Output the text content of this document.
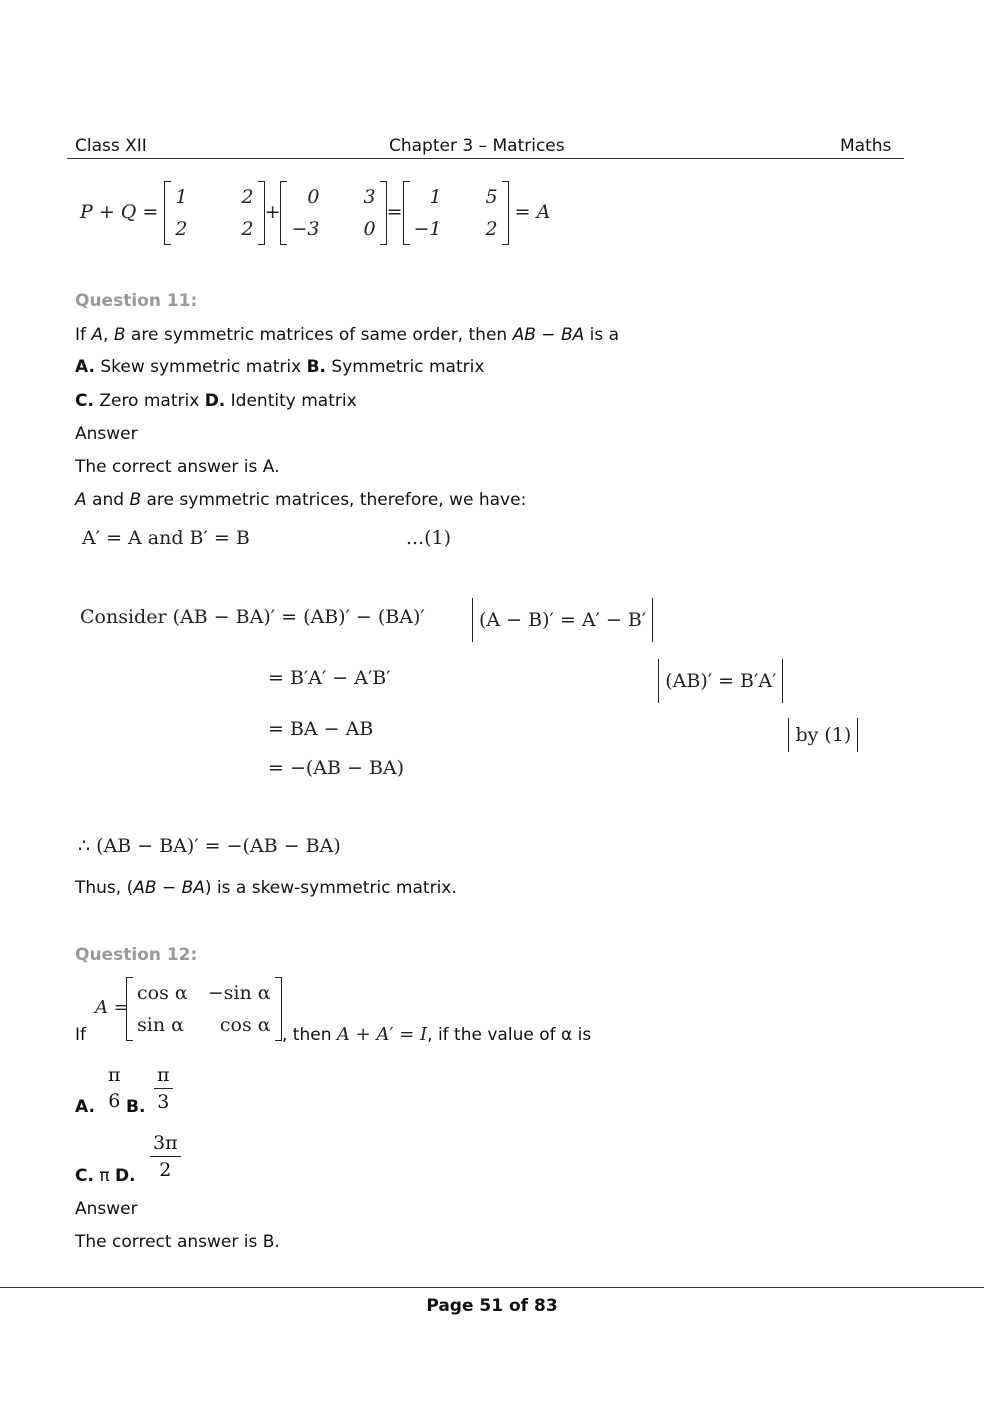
Class XII	Chapter 3 – Matrices	Maths
P + Q =
1	2
2	2
+
0	3
−3	0
=
1	5
−1	2
= A
Question 11:
If A, B are symmetric matrices of same order, then AB − BA is a
A. Skew symmetric matrix B. Symmetric matrix
C. Zero matrix D. Identity matrix
Answer
The correct answer is A.
A and B are symmetric matrices, therefore, we have:
A′ = A and B′ = B	...(1)
Consider (AB − BA)′ = (AB)′ − (BA)′	(A − B)′ = A′ − B′
= B′A′ − A′B′	(AB)′ = B′A′
= BA − AB	by (1)
= −(AB − BA)
∴ (AB − BA)′ = −(AB − BA)
Thus, (AB − BA) is a skew-symmetric matrix.
Question 12:
If
A =
cos α	−sin α
sin α	cos α , then A + A′ = I, if the value of α is
A.
π
6 B. $\frac{\pi}{3}$
C. π D. $\frac{3\pi}{2}$
Answer
The correct answer is B.
Page 51 of 83
